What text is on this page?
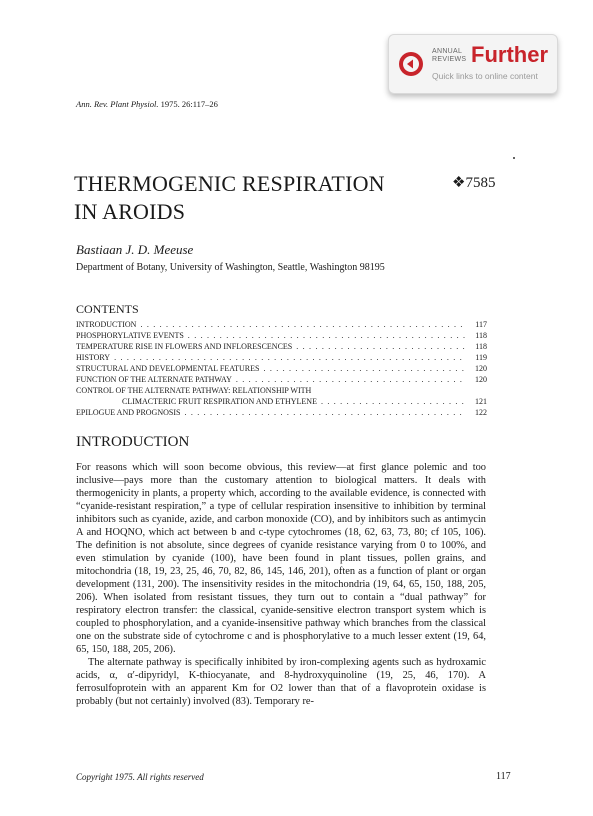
ANNUAL
REVIEWS Further
Quick links to online content
Ann. Rev. Plant Physiol. 1975. 26:117–26
THERMOGENIC RESPIRATION
IN AROIDS
❖7585
Bastiaan J. D. Meeuse
Department of Botany, University of Washington, Seattle, Washington 98195
CONTENTS
INTRODUCTION . . .	117
PHOSPHORYLATIVE EVENTS . . .	118
TEMPERATURE RISE IN FLOWERS AND INFLORESCENCES . . .	118
HISTORY . . .	119
STRUCTURAL AND DEVELOPMENTAL FEATURES . . .	120
FUNCTION OF THE ALTERNATE PATHWAY . . .	120
CONTROL OF THE ALTERNATE PATHWAY: RELATIONSHIP WITH
CLIMACTERIC FRUIT RESPIRATION AND ETHYLENE . . .	121
EPILOGUE AND PROGNOSIS . . .	122
INTRODUCTION

For reasons which will soon become obvious, this review—at first glance polemic and too inclusive—pays more than the customary attention to biological matters. It deals with thermogenicity in plants, a property which, according to the available evidence, is connected with “cyanide-resistant respiration,” a type of cellular respiration insensitive to inhibition by terminal inhibitors such as cyanide, azide, and carbon monoxide (CO), and by inhibitors such as antimycin A and HOQNO, which act between b and c-type cytochromes (18, 62, 63, 73, 80; cf 105, 106). The definition is not absolute, since degrees of cyanide resistance varying from 0 to 100%, and even stimulation by cyanide (100), have been found in plant tissues, pollen grains, and mitochondria (18, 19, 23, 25, 46, 70, 82, 86, 145, 146, 201), often as a function of plant or organ development (131, 200). The insensitivity resides in the mitochondria (19, 64, 65, 150, 188, 205, 206). When isolated from resistant tissues, they turn out to contain a “dual pathway” for respiratory electron transfer: the classical, cyanide-sensitive electron transport system which is coupled to phosphorylation, and a cyanide-insensitive pathway which branches from the classical one on the substrate side of cytochrome c and is phosphorylative to a much lesser extent (19, 64, 65, 150, 188, 205, 206).

The alternate pathway is specifically inhibited by iron-complexing agents such as hydroxamic acids, α, α′-dipyridyl, K-thiocyanate, and 8-hydroxyquinoline (19, 25, 46, 170). A ferrosulfoprotein with an apparent Km for O2 lower than that of a flavoprotein oxidase is probably (but not certainly) involved (83). Temporary re-

Copyright 1975. All rights reserved	117
